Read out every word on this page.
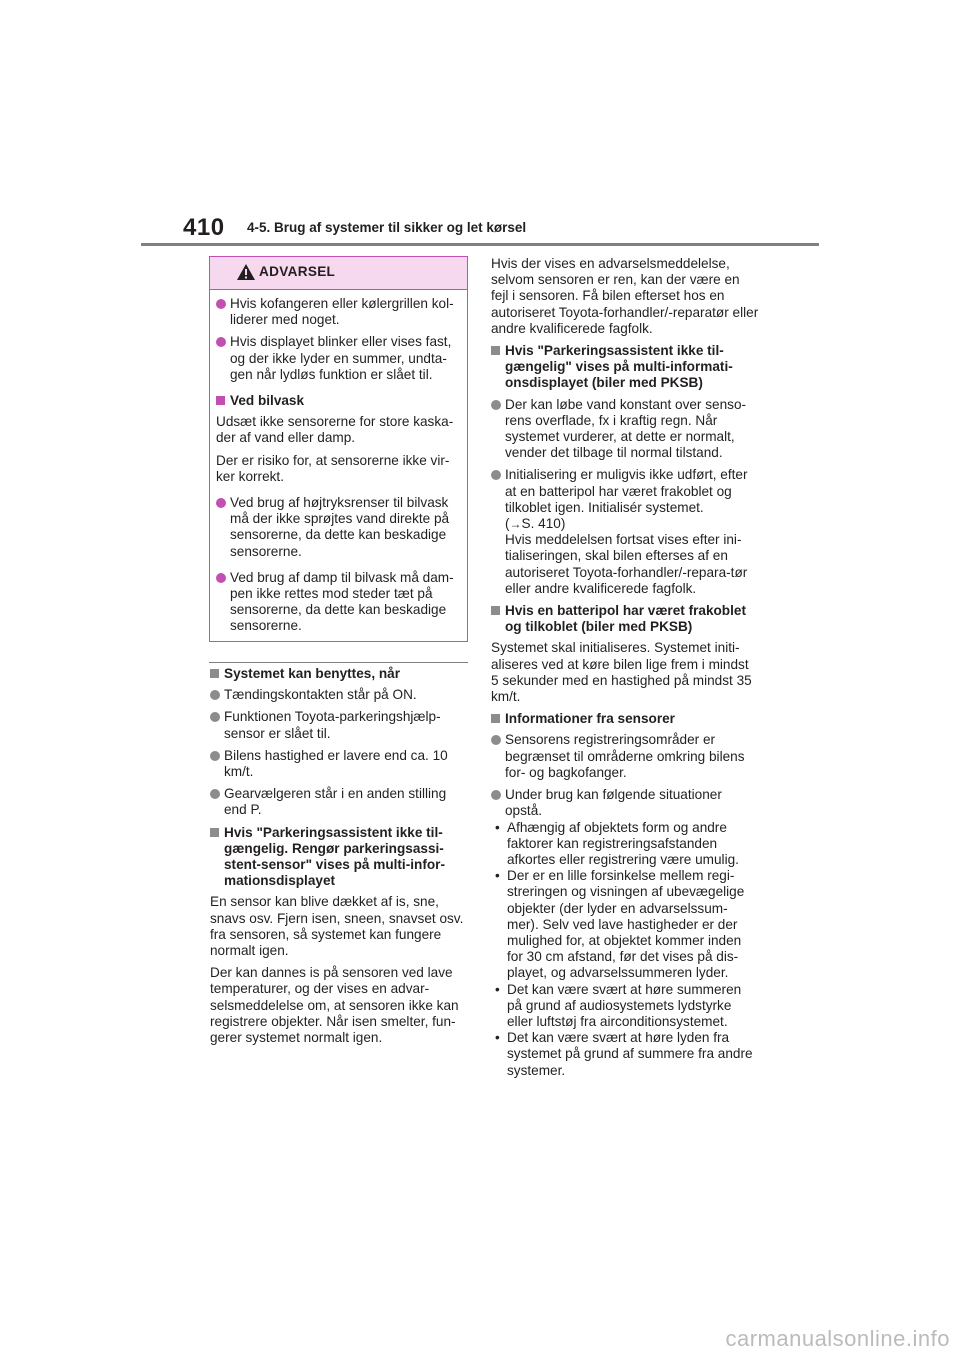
410 4-5. Brug af systemer til sikker og let kørsel
ADVARSEL
Hvis kofangeren eller kølergrillen kol-liderer med noget.
Hvis displayet blinker eller vises fast, og der ikke lyder en summer, undta-gen når lydløs funktion er slået til.
Ved bilvask
Udsæt ikke sensorerne for store kaska-der af vand eller damp.
Der er risiko for, at sensorerne ikke vir-ker korrekt.
Ved brug af højtryksrenser til bilvask må der ikke sprøjtes vand direkte på sensorerne, da dette kan beskadige sensorerne.
Ved brug af damp til bilvask må dam-pen ikke rettes mod steder tæt på sensorerne, da dette kan beskadige sensorerne.
Systemet kan benyttes, når
Tændingskontakten står på ON.
Funktionen Toyota-parkeringshjælp-sensor er slået til.
Bilens hastighed er lavere end ca. 10 km/t.
Gearvælgeren står i en anden stilling end P.
Hvis "Parkeringsassistent ikke til-gængelig. Rengør parkeringsassi-stent-sensor" vises på multi-infor-mationsdisplayet
En sensor kan blive dækket af is, sne, snavs osv. Fjern isen, sneen, snavset osv. fra sensoren, så systemet kan fungere normalt igen.
Der kan dannes is på sensoren ved lave temperaturer, og der vises en advar-selsmeddelelse om, at sensoren ikke kan registrere objekter. Når isen smelter, fun-gerer systemet normalt igen.
Hvis der vises en advarselsmeddelelse, selvom sensoren er ren, kan der være en fejl i sensoren. Få bilen efterset hos en autoriseret Toyota-forhandler/-reparatør eller andre kvalificerede fagfolk.
Hvis "Parkeringsassistent ikke til-gængelig" vises på multi-informati-onsdisplayet (biler med PKSB)
Der kan løbe vand konstant over senso-rens overflade, fx i kraftig regn. Når systemet vurderer, at dette er normalt, vender det tilbage til normal tilstand.
Initialisering er muligvis ikke udført, efter at en batteripol har været frakoblet og tilkoblet igen. Initialisér systemet.
(→S. 410)
Hvis meddelelsen fortsat vises efter ini-tialiseringen, skal bilen efterses af en autoriseret Toyota-forhandler/-repara-tør eller andre kvalificerede fagfolk.
Hvis en batteripol har været frakoblet og tilkoblet (biler med PKSB)
Systemet skal initialiseres. Systemet initi-aliseres ved at køre bilen lige frem i mindst 5 sekunder med en hastighed på mindst 35 km/t.
Informationer fra sensorer
Sensorens registreringsområder er begrænset til områderne omkring bilens for- og bagkofanger.
Under brug kan følgende situationer opstå.
• Afhængig af objektets form og andre faktorer kan registreringsafstanden afkortes eller registrering være umulig.
• Der er en lille forsinkelse mellem regi-streringen og visningen af ubevægelige objekter (der lyder en advarselssum-mer). Selv ved lave hastigheder er der mulighed for, at objektet kommer inden for 30 cm afstand, før det vises på dis-playet, og advarselssummeren lyder.
• Det kan være svært at høre summeren på grund af audiosystemets lydstyrke eller luftstøj fra airconditionsystemet.
• Det kan være svært at høre lyden fra systemet på grund af summere fra andre systemer.
carmanualsonline.info
